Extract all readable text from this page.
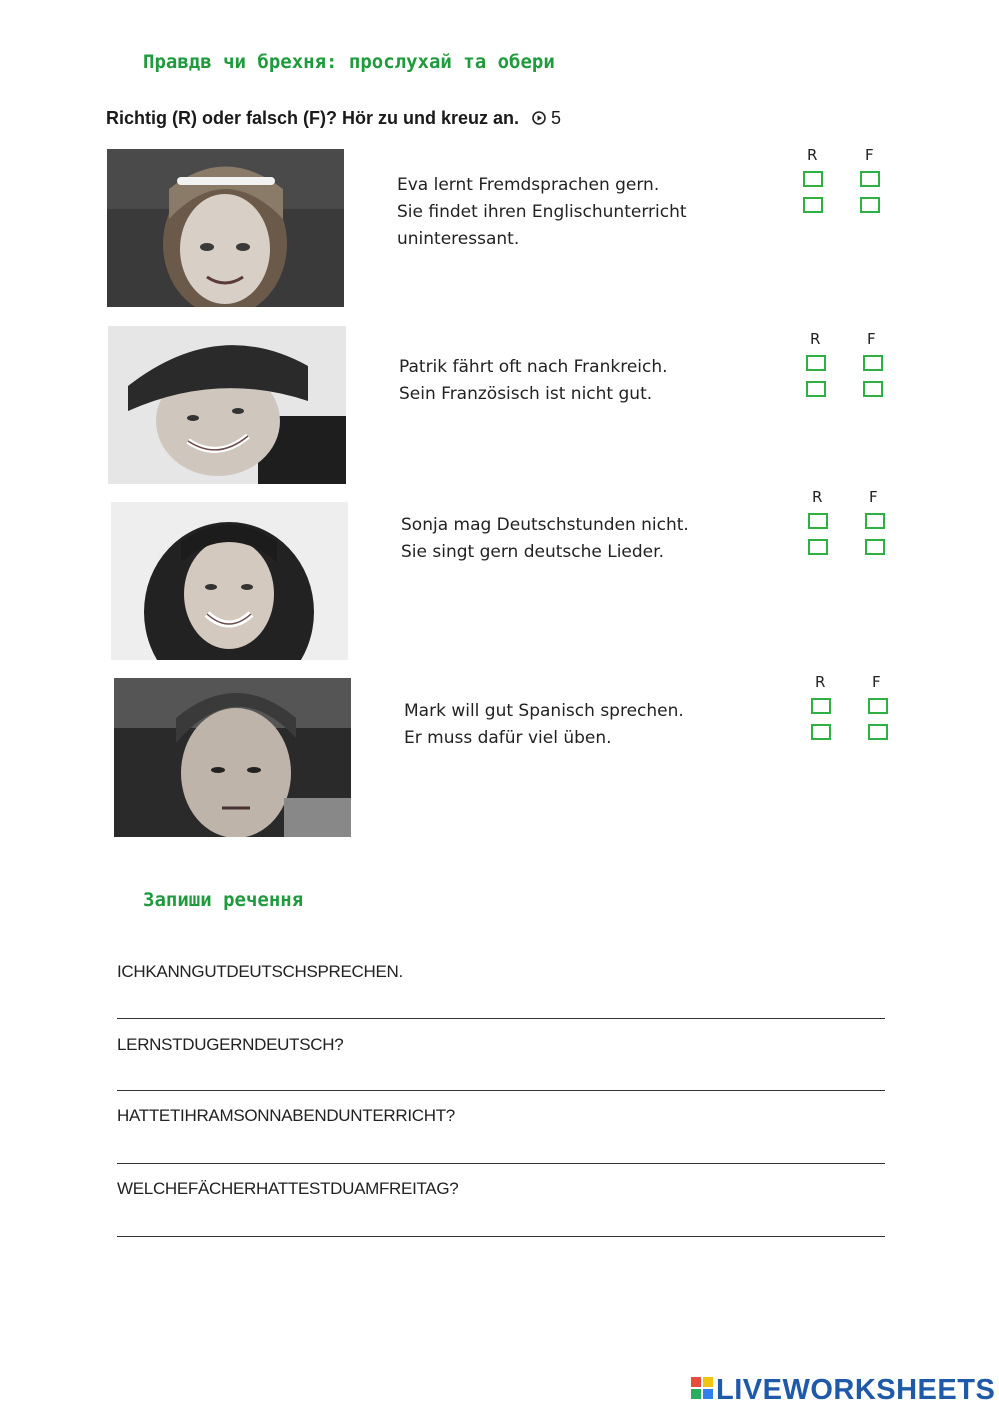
Правдв чи брехня: прослухай та обери
Richtig (R) oder falsch (F)? Hör zu und kreuz an. 5
Eva lernt Fremdsprachen gern.
Sie findet ihren Englischunterricht
uninteressant.
R	F
Patrik fährt oft nach Frankreich.
Sein Französisch ist nicht gut.
R	F
Sonja mag Deutschstunden nicht.
Sie singt gern deutsche Lieder.
R	F
Mark will gut Spanisch sprechen.
Er muss dafür viel üben.
R	F
Запиши речення
ICHKANNGUTDEUTSCHSPRECHEN.
LERNSTDUGERNDEUTSCH?
HATTETIHRAMSONNABENDUNTERRICHT?
WELCHEFÄCHERHATTESTDUAMFREITAG?
LIVEWORKSHEETS
